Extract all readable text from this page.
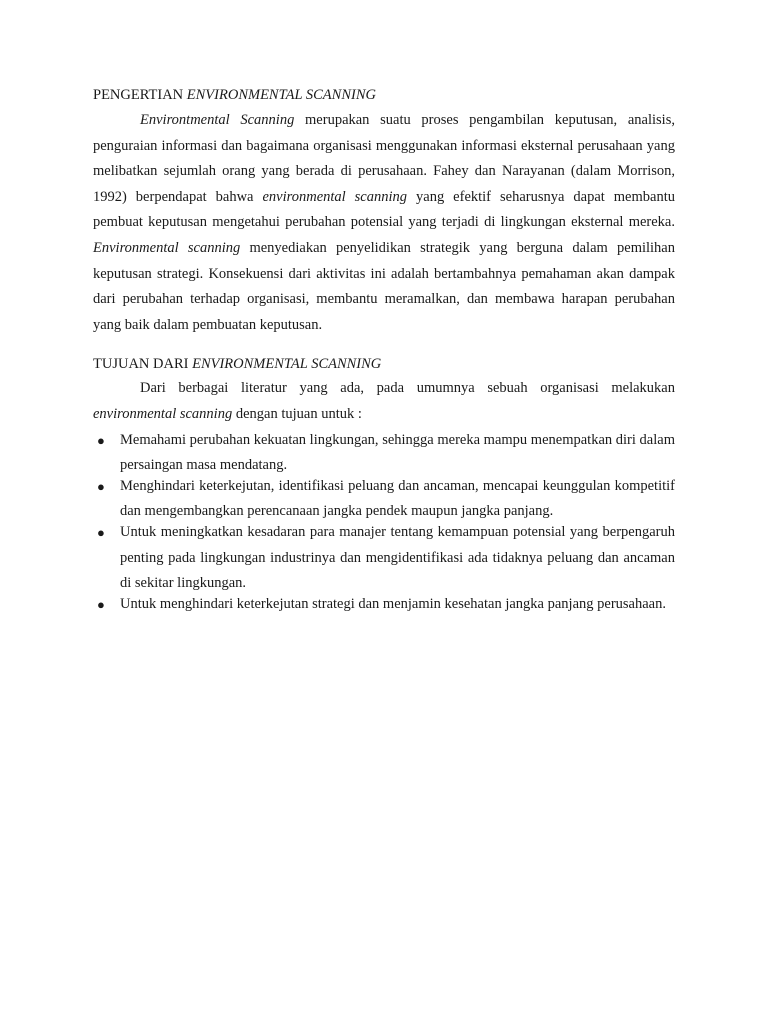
PENGERTIAN ENVIRONMENTAL SCANNING

Environtmental Scanning merupakan suatu proses pengambilan keputusan, analisis, penguraian informasi dan bagaimana organisasi menggunakan informasi eksternal perusahaan yang melibatkan sejumlah orang yang berada di perusahaan. Fahey dan Narayanan (dalam Morrison, 1992) berpendapat bahwa environmental scanning yang efektif seharusnya dapat membantu pembuat keputusan mengetahui perubahan potensial yang terjadi di lingkungan eksternal mereka. Environmental scanning menyediakan penyelidikan strategik yang berguna dalam pemilihan keputusan strategi. Konsekuensi dari aktivitas ini adalah bertambahnya pemahaman akan dampak dari perubahan terhadap organisasi, membantu meramalkan, dan membawa harapan perubahan yang baik dalam pembuatan keputusan.

TUJUAN DARI ENVIRONMENTAL SCANNING

Dari berbagai literatur yang ada, pada umumnya sebuah organisasi melakukan environmental scanning dengan tujuan untuk :

● Memahami perubahan kekuatan lingkungan, sehingga mereka mampu menempatkan diri dalam persaingan masa mendatang.
● Menghindari keterkejutan, identifikasi peluang dan ancaman, mencapai keunggulan kompetitif dan mengembangkan perencanaan jangka pendek maupun jangka panjang.
● Untuk meningkatkan kesadaran para manajer tentang kemampuan potensial yang berpengaruh penting pada lingkungan industrinya dan mengidentifikasi ada tidaknya peluang dan ancaman di sekitar lingkungan.
● Untuk menghindari keterkejutan strategi dan menjamin kesehatan jangka panjang perusahaan.
